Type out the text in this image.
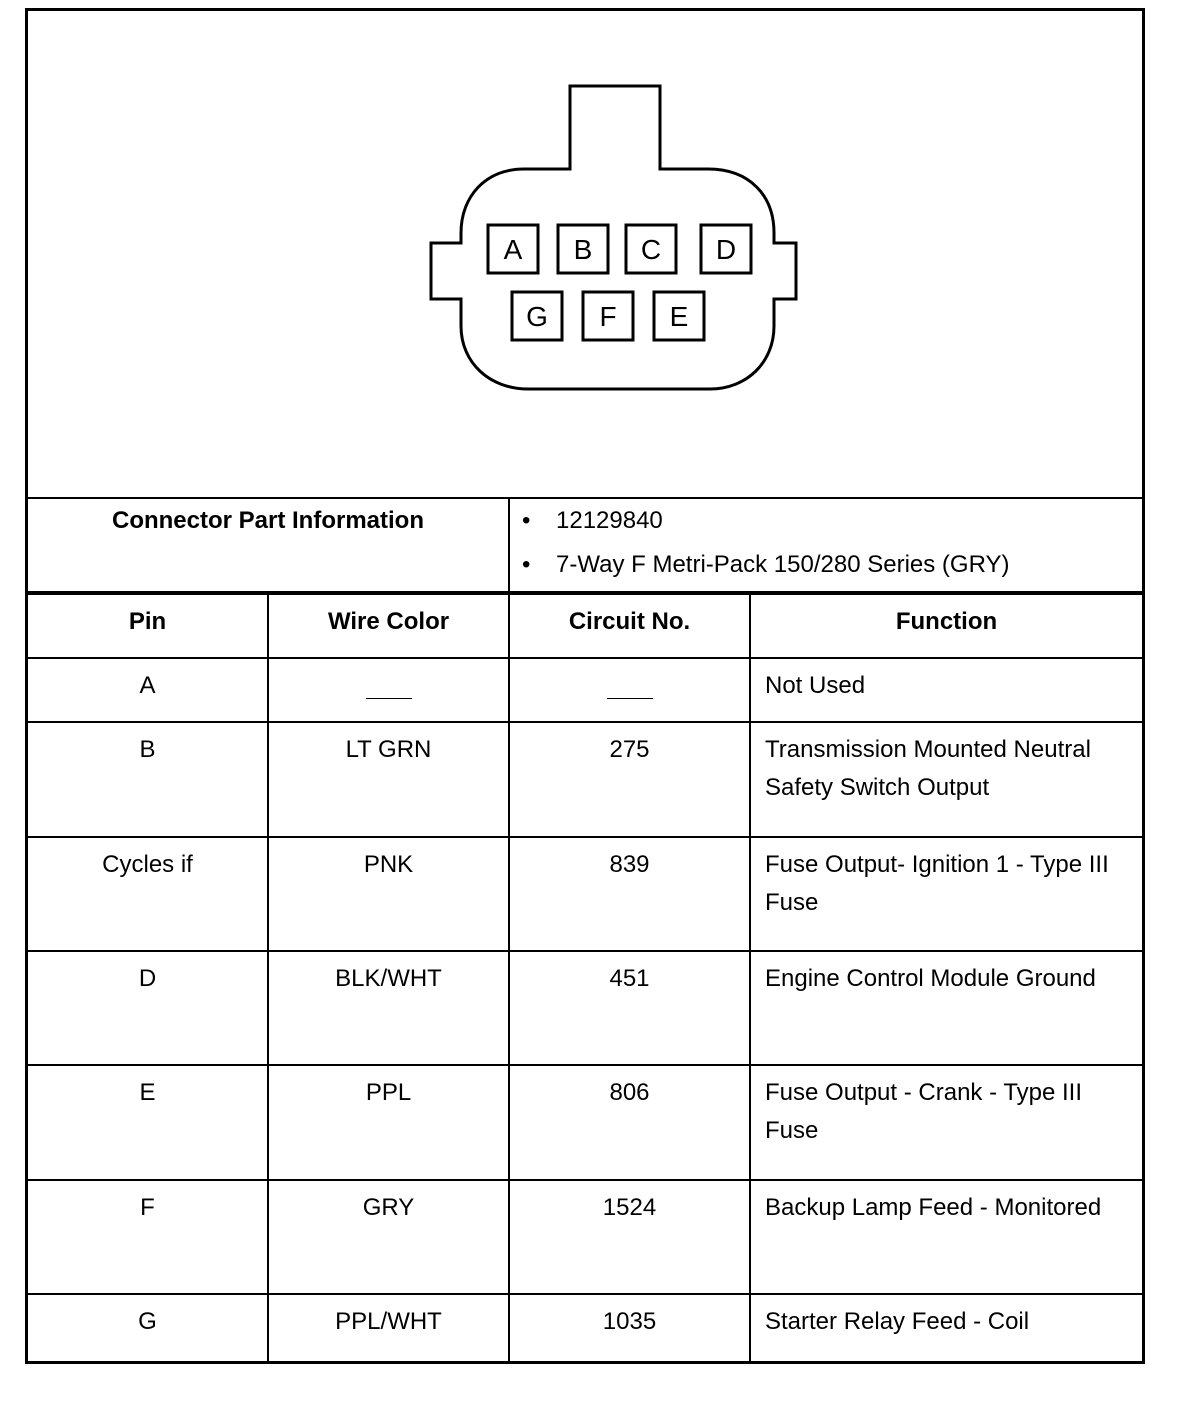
A B C D
G F E
Connector Part Information	• 12129840
• 7-Way F Metri-Pack 150/280 Series (GRY)
Pin	Wire Color	Circuit No.	Function
A			Not Used
B	LT GRN	275	Transmission Mounted Neutral Safety Switch Output
Cycles if	PNK	839	Fuse Output- Ignition 1 - Type III Fuse
D	BLK/WHT	451	Engine Control Module Ground
E	PPL	806	Fuse Output - Crank - Type III Fuse
F	GRY	1524	Backup Lamp Feed - Monitored
G	PPL/WHT	1035	Starter Relay Feed - Coil
